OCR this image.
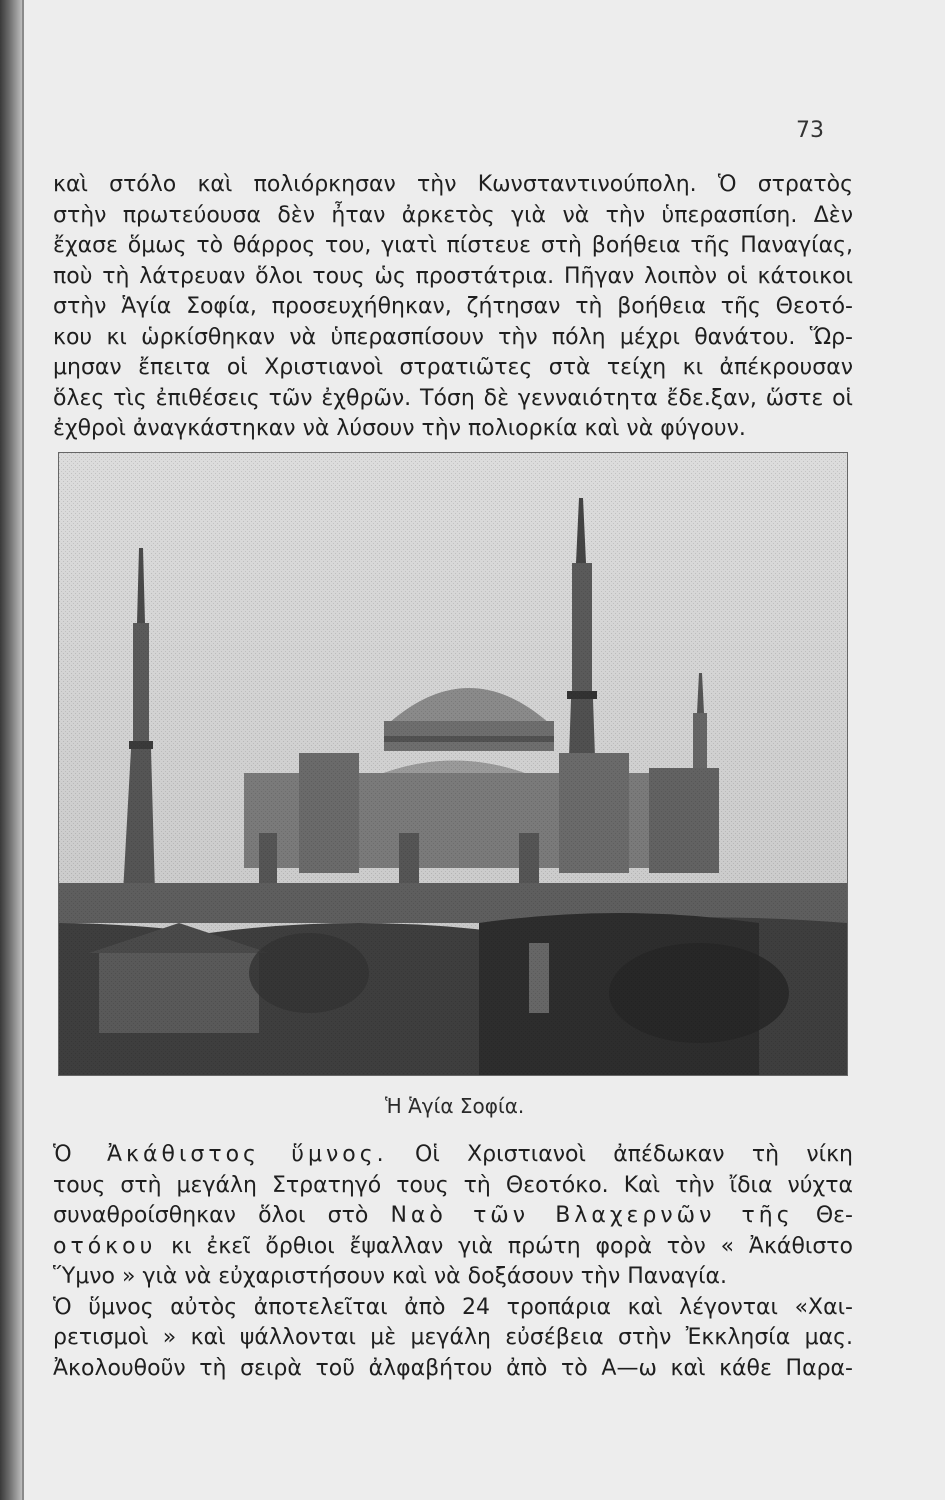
73
καὶ στόλο καὶ πολιόρκησαν τὴν Κωνσταντινούπολη. Ὁ στρατὸς
στὴν πρωτεύουσα δὲν ἦταν ἀρκετὸς γιὰ νὰ τὴν ὑπερασπίση. Δὲν
ἔχασε ὅμως τὸ θάρρος του, γιατὶ πίστευε στὴ βοήθεια τῆς Παναγίας,
ποὺ τὴ λάτρευαν ὅλοι τους ὡς προστάτρια. Πῆγαν λοιπὸν οἱ κάτοικοι
στὴν Ἁγία Σοφία, προσευχήθηκαν, ζήτησαν τὴ βοήθεια τῆς Θεοτό-
κου κι ὡρκίσθηκαν νὰ ὑπερασπίσουν τὴν πόλη μέχρι θανάτου. Ὥρ-
μησαν ἔπειτα οἱ Χριστιανοὶ στρατιῶτες στὰ τείχη κι ἀπέκρουσαν
ὅλες τὶς ἐπιθέσεις τῶν ἐχθρῶν. Τόση δὲ γενναιότητα ἔδε.ξαν, ὥστε οἱ
ἐχθροὶ ἀναγκάστηκαν νὰ λύσουν τὴν πολιορκία καὶ νὰ φύγουν.
Ἡ Ἁγία Σοφία.
Ὁ Ἀκάθιστος ὕμνος. Οἱ Χριστιανοὶ ἀπέδωκαν τὴ νίκη
τους στὴ μεγάλη Στρατηγό τους τὴ Θεοτόκο. Καὶ τὴν ἴδια νύχτα
συναθροίσθηκαν ὅλοι στὸ Ναὸ τῶν Βλαχερνῶν τῆς Θε-
οτόκου κι ἐκεῖ ὄρθιοι ἔψαλλαν γιὰ πρώτη φορὰ τὸν « Ἀκάθιστο
Ὕμνο » γιὰ νὰ εὐχαριστήσουν καὶ νὰ δοξάσουν τὴν Παναγία.
Ὁ ὕμνος αὐτὸς ἀποτελεῖται ἀπὸ 24 τροπάρια καὶ λέγονται «Χαι-
ρετισμοὶ » καὶ ψάλλονται μὲ μεγάλη εὐσέβεια στὴν Ἐκκλησία μας.
Ἀκολουθοῦν τὴ σειρὰ τοῦ ἀλφαβήτου ἀπὸ τὸ Α—ω καὶ κάθε Παρα-
